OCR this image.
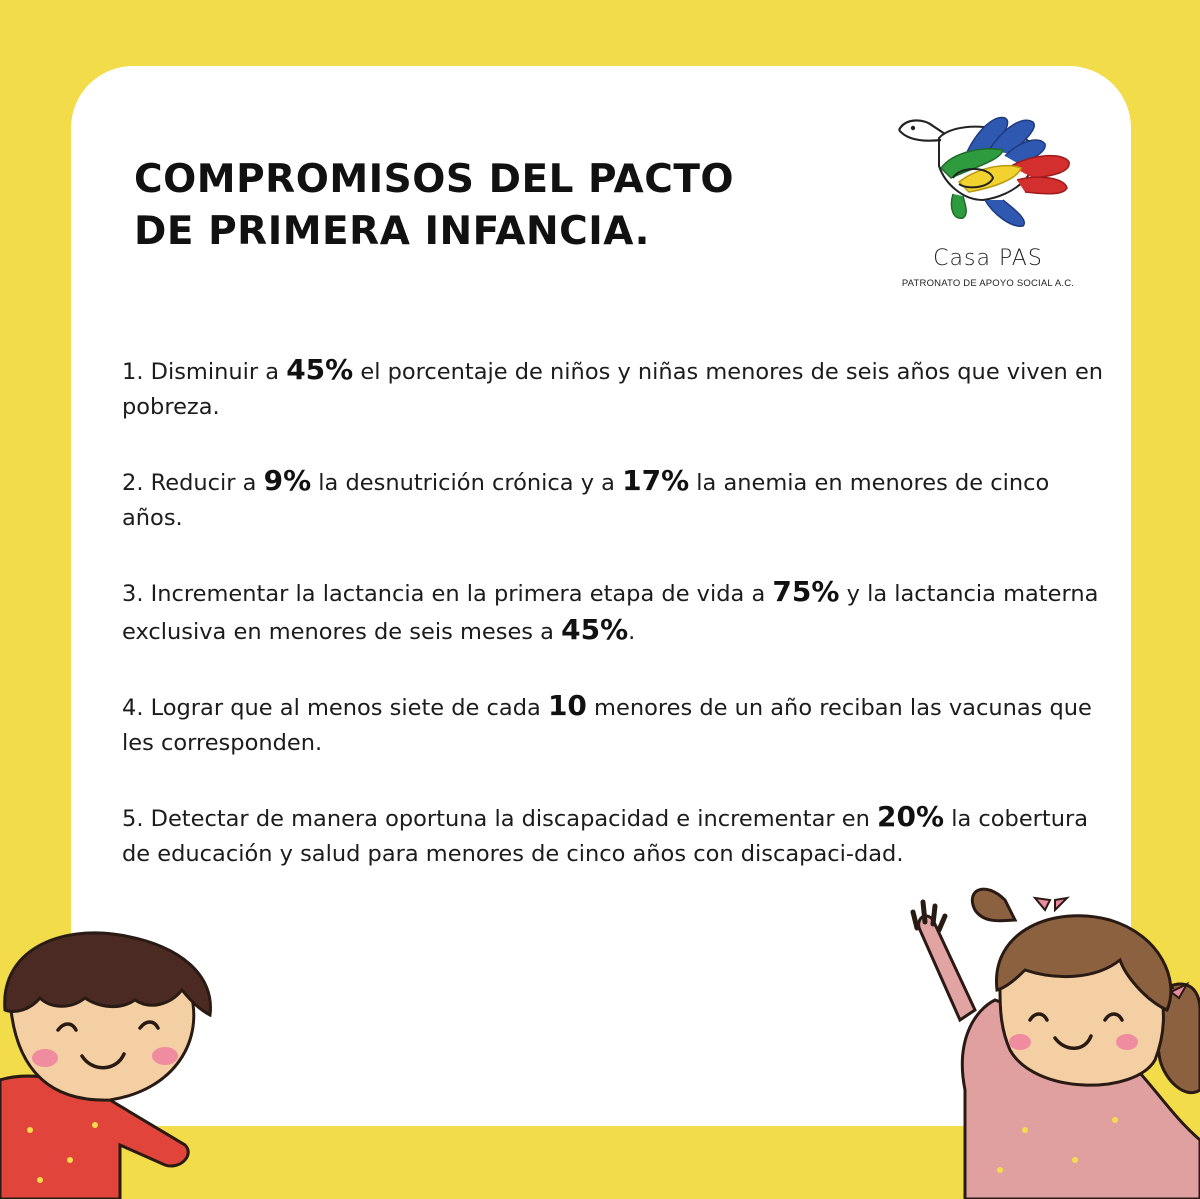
COMPROMISOS DEL PACTO
DE PRIMERA INFANCIA.
Casa PAS
PATRONATO DE APOYO SOCIAL A.C.

1. Disminuir a 45% el porcentaje de niños y niñas menores de seis años que viven en pobreza.

2. Reducir a 9% la desnutrición crónica y a 17% la anemia en menores de cinco años.

3. Incrementar la lactancia en la primera etapa de vida a 75% y la lactancia materna exclusiva en menores de seis meses a 45%.

4. Lograr que al menos siete de cada 10 menores de un año reciban las vacunas que les corresponden.

5. Detectar de manera oportuna la discapacidad e incrementar en 20% la cobertura de educación y salud para menores de cinco años con discapaci-dad.
